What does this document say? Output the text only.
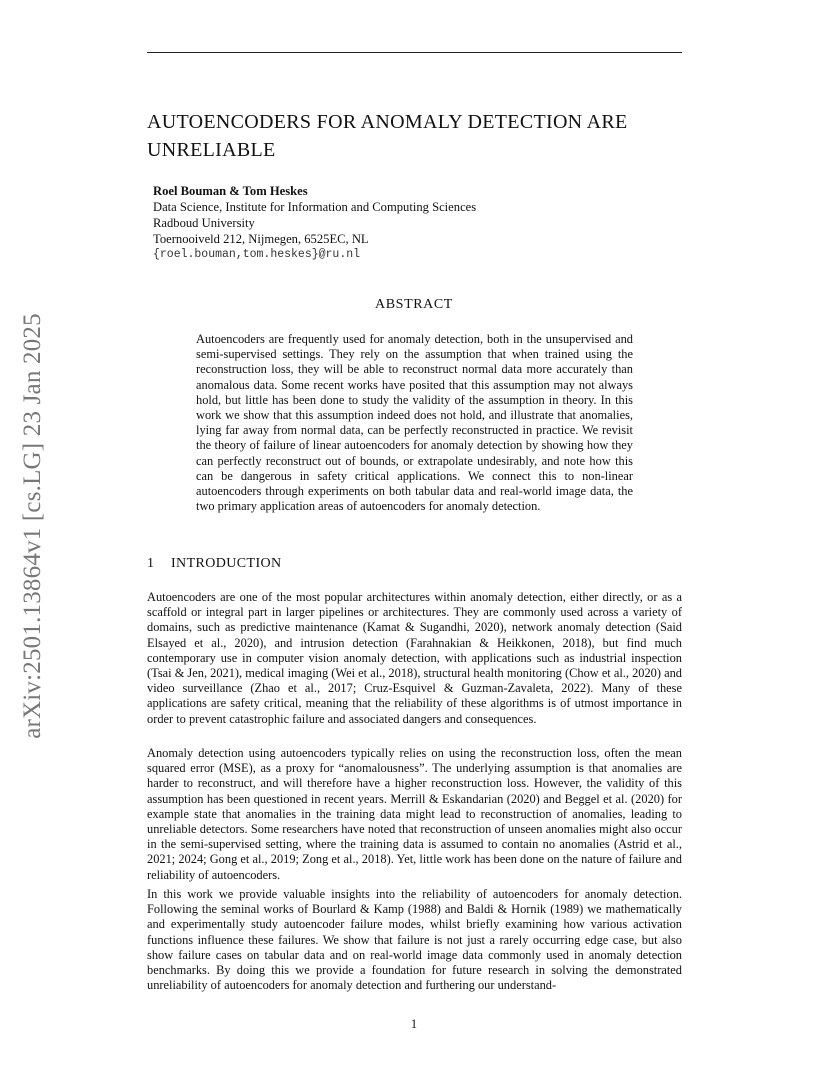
arXiv:2501.13864v1 [cs.LG] 23 Jan 2025
AUTOENCODERS FOR ANOMALY DETECTION ARE UNRELIABLE
Roel Bouman & Tom Heskes
Data Science, Institute for Information and Computing Sciences
Radboud University
Toernooiveld 212, Nijmegen, 6525EC, NL
{roel.bouman,tom.heskes}@ru.nl
ABSTRACT

Autoencoders are frequently used for anomaly detection, both in the unsupervised and semi-supervised settings. They rely on the assumption that when trained using the reconstruction loss, they will be able to reconstruct normal data more accurately than anomalous data. Some recent works have posited that this assumption may not always hold, but little has been done to study the validity of the assumption in theory. In this work we show that this assumption indeed does not hold, and illustrate that anomalies, lying far away from normal data, can be perfectly reconstructed in practice. We revisit the theory of failure of linear autoencoders for anomaly detection by showing how they can perfectly reconstruct out of bounds, or extrapolate undesirably, and note how this can be dangerous in safety critical applications. We connect this to non-linear autoencoders through experiments on both tabular data and real-world image data, the two primary application areas of autoencoders for anomaly detection.

1 INTRODUCTION

Autoencoders are one of the most popular architectures within anomaly detection, either directly, or as a scaffold or integral part in larger pipelines or architectures. They are commonly used across a variety of domains, such as predictive maintenance (Kamat & Sugandhi, 2020), network anomaly detection (Said Elsayed et al., 2020), and intrusion detection (Farahnakian & Heikkonen, 2018), but find much contemporary use in computer vision anomaly detection, with applications such as industrial inspection (Tsai & Jen, 2021), medical imaging (Wei et al., 2018), structural health monitoring (Chow et al., 2020) and video surveillance (Zhao et al., 2017; Cruz-Esquivel & Guzman-Zavaleta, 2022). Many of these applications are safety critical, meaning that the reliability of these algorithms is of utmost importance in order to prevent catastrophic failure and associated dangers and consequences.

Anomaly detection using autoencoders typically relies on using the reconstruction loss, often the mean squared error (MSE), as a proxy for “anomalousness”. The underlying assumption is that anomalies are harder to reconstruct, and will therefore have a higher reconstruction loss. However, the validity of this assumption has been questioned in recent years. Merrill & Eskandarian (2020) and Beggel et al. (2020) for example state that anomalies in the training data might lead to reconstruction of anomalies, leading to unreliable detectors. Some researchers have noted that reconstruction of unseen anomalies might also occur in the semi-supervised setting, where the training data is assumed to contain no anomalies (Astrid et al., 2021; 2024; Gong et al., 2019; Zong et al., 2018). Yet, little work has been done on the nature of failure and reliability of autoencoders.

In this work we provide valuable insights into the reliability of autoencoders for anomaly detection. Following the seminal works of Bourlard & Kamp (1988) and Baldi & Hornik (1989) we mathematically and experimentally study autoencoder failure modes, whilst briefly examining how various activation functions influence these failures. We show that failure is not just a rarely occurring edge case, but also show failure cases on tabular data and on real-world image data commonly used in anomaly detection benchmarks. By doing this we provide a foundation for future research in solving the demonstrated unreliability of autoencoders for anomaly detection and furthering our understand-

1
